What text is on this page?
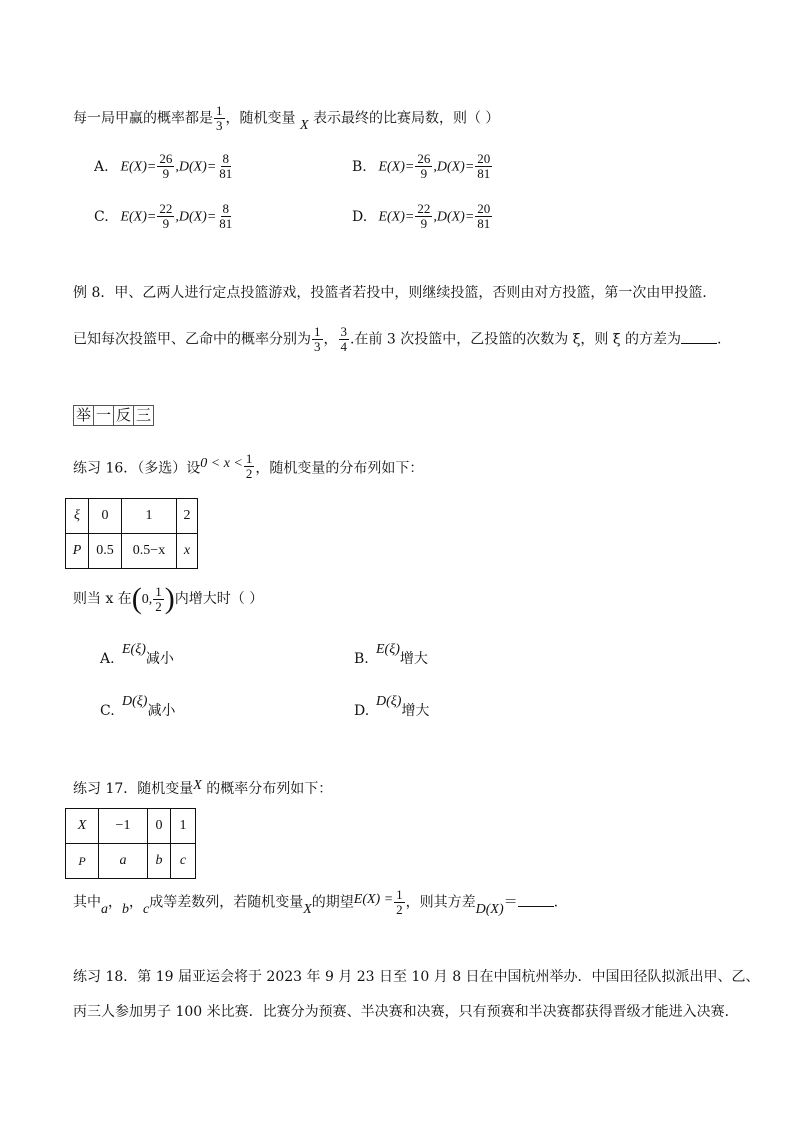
每一局甲赢的概率都是 $\frac{1}{3}$ ，随机变量 X 表示最终的比赛局数，则（ ）
A. $E(X)= \frac{26}{9} ,D(X)= \frac{8}{81}$	B. $E(X)= \frac{26}{9} ,D(X)= \frac{20}{81}$
C. $E(X)= \frac{22}{9} ,D(X)= \frac{8}{81}$	D. $E(X)= \frac{22}{9} ,D(X)= \frac{20}{81}$
例 8．甲、乙两人进行定点投篮游戏，投篮者若投中，则继续投篮，否则由对方投篮，第一次由甲投篮．
已知每次投篮甲、乙命中的概率分别为 $\frac{1}{3}$ ， $\frac{3}{4}$ .在前 3 次投篮中，乙投篮的次数为 ξ，则 ξ 的方差为	.
举 一 反 三
练习 16．（多选）设$0 < x < \frac{1}{2}$ ，随机变量的分布列如下：
ξ	0	1	2
P	0.5	0.5−x	x
则当 x 在(0, $\frac{1}{2}$ )内增大时（ ）
A.E(ξ)减小	B.E(ξ)增大
C.D(ξ)减小	D.D(ξ)增大
练习 17．随机变量X 的概率分布列如下：
X	−1	0	1
P	a	b	c
其中a，b，c成等差数列，若随机变量X的期望$E(X) = \frac{1}{2}$ ，则其方差D(X)＝	.
练习 18．第 19 届亚运会将于 2023 年 9 月 23 日至 10 月 8 日在中国杭州举办．中国田径队拟派出甲、乙、
丙三人参加男子 100 米比赛．比赛分为预赛、半决赛和决赛，只有预赛和半决赛都获得晋级才能进入决赛．
